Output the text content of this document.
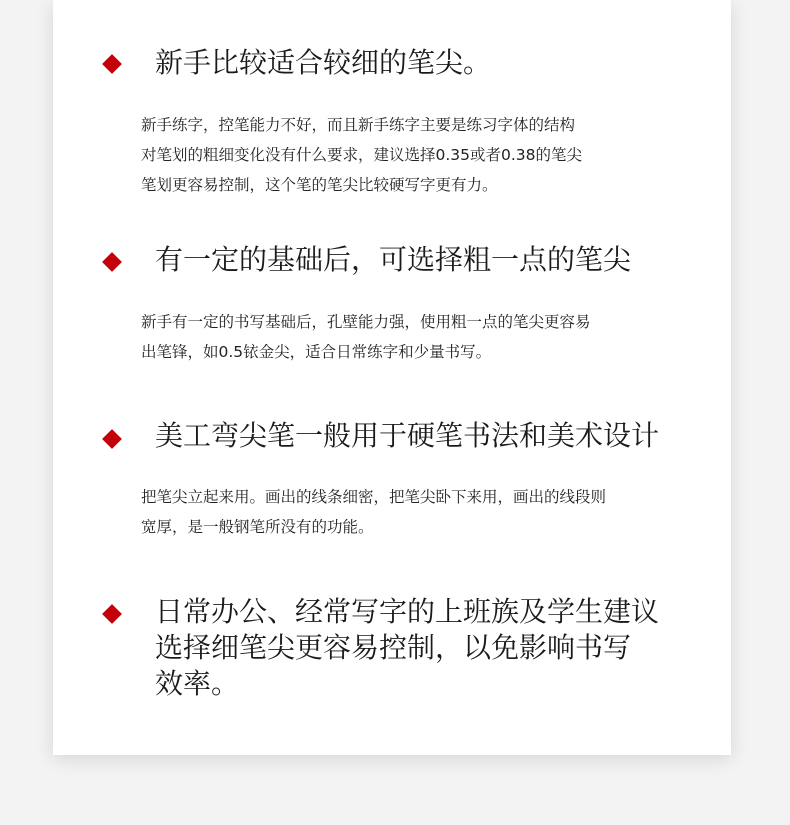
新手比较适合较细的笔尖。

新手练字，控笔能力不好，而且新手练字主要是练习字体的结构
对笔划的粗细变化没有什么要求，建议选择0.35或者0.38的笔尖
笔划更容易控制，这个笔的笔尖比较硬写字更有力。

有一定的基础后，可选择粗一点的笔尖

新手有一定的书写基础后，孔壁能力强，使用粗一点的笔尖更容易
出笔锋，如0.5铱金尖，适合日常练字和少量书写。

美工弯尖笔一般用于硬笔书法和美术设计

把笔尖立起来用。画出的线条细密，把笔尖卧下来用，画出的线段则
宽厚，是一般钢笔所没有的功能。

日常办公、经常写字的上班族及学生建议
选择细笔尖更容易控制，以免影响书写
效率。
